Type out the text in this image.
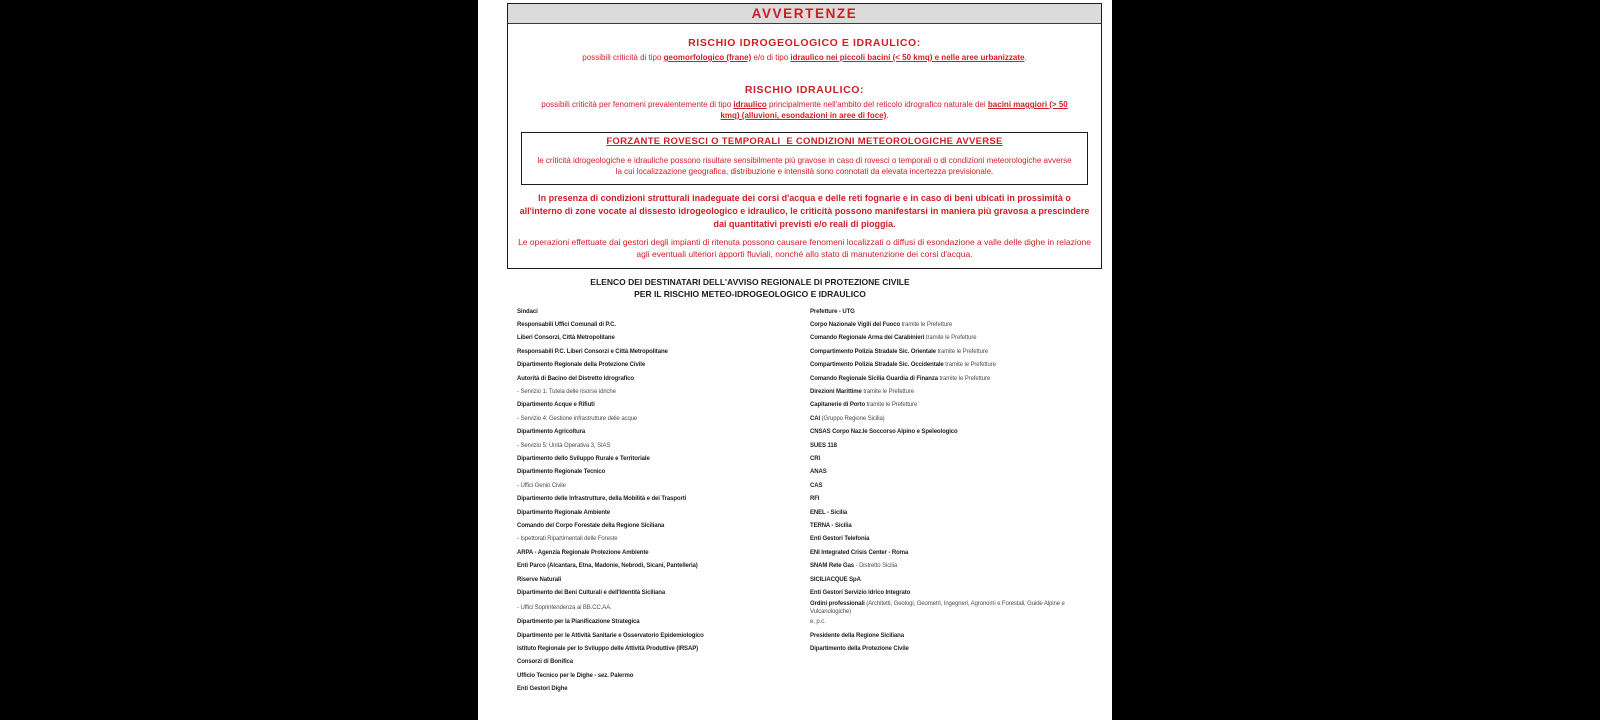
AVVERTENZE
RISCHIO IDROGEOLOGICO E IDRAULICO:

possibili criticità di tipo geomorfologico (frane) e/o di tipo idraulico nei piccoli bacini (< 50 kmq) e nelle aree urbanizzate.

RISCHIO IDRAULICO:

possibili criticità per fenomeni prevalentemente di tipo idraulico principalmente nell'ambito del reticolo idrografico naturale dei bacini maggiori (> 50 kmq) (alluvioni, esondazioni in aree di foce).

FORZANTE ROVESCI O TEMPORALI  E CONDIZIONI METEOROLOGICHE AVVERSE
le criticità idrogeologiche e idrauliche possono risultare sensibilmente più gravose in caso di rovesci o temporali o di condizioni meteorologiche avverse la cui localizzazione geografica, distribuzione e intensità sono connotati da elevata incertezza previsionale.
In presenza di condizioni strutturali inadeguate dei corsi d'acqua e delle reti fognarie e in caso di beni ubicati in prossimità o all'interno di zone vocate al dissesto idrogeologico e idraulico, le criticità possono manifestarsi in maniera più gravosa a prescindere dai quantitativi previsti e/o reali di pioggia.
Le operazioni effettuate dai gestori degli impianti di ritenuta possono causare fenomeni localizzati o diffusi di esondazione a valle delle dighe in relazione agli eventuali ulteriori apporti fluviali, nonché allo stato di manutenzione dei corsi d'acqua.
ELENCO DEI DESTINATARI DELL'AVVISO REGIONALE DI PROTEZIONE CIVILE
PER IL RISCHIO METEO-IDROGEOLOGICO E IDRAULICO
Sindaci	Prefetture - UTG
Responsabili Uffici Comunali di P.C.	Corpo Nazionale Vigili del Fuoco tramite le Prefetture
Liberi Consorzi, Città Metropolitane	Comando Regionale Arma dei Carabinieri tramite le Prefetture
Responsabili P.C. Liberi Consorzi e Città Metropolitane	Compartimento Polizia Stradale Sic. Orientale tramite le Prefetture
Dipartimento Regionale della Protezione Civile	Compartimento Polizia Stradale Sic. Occidentale tramite le Prefetture
Autorità di Bacino del Distretto Idrografico	Comando Regionale Sicilia Guardia di Finanza tramite le Prefetture
- Servizio 1: Tutela delle risorse idriche	Direzioni Marittime tramite le Prefetture
Dipartimento Acque e Rifiuti	Capitanerie di Porto tramite le Prefetture
- Servizio 4: Gestione infrastrutture delle acque	CAI (Gruppo Regione Sicilia)
Dipartimento Agricoltura	CNSAS Corpo Naz.le Soccorso Alpino e Speleologico
- Servizio 5: Unità Operativa 3, SIAS	SUES 118
Dipartimento dello Sviluppo Rurale e Territoriale	CRI
Dipartimento Regionale Tecnico	ANAS
- Uffici Genio Civile	CAS
Dipartimento delle Infrastrutture, della Mobilità e dei Trasporti	RFI
Dipartimento Regionale Ambiente	ENEL - Sicilia
Comando del Corpo Forestale della Regione Siciliana	TERNA - Sicilia
- Ispettorati Ripartimentali delle Foreste	Enti Gestori Telefonia
ARPA - Agenzia Regionale Protezione Ambiente	ENI Integrated Crisis Center - Roma
Enti Parco (Alcantara, Etna, Madonie, Nebrodi, Sicani, Pantelleria)	SNAM Rete Gas - Distretto Sicilia
Riserve Naturali	SICILIACQUE SpA
Dipartimento dei Beni Culturali e dell'Identità Siciliana	Enti Gestori Servizio Idrico Integrato
- Uffici Soprintendenza ai BB.CC.AA.	Ordini professionali (Architetti, Geologi, Geometri, Ingegneri, Agronomi e Forestali, Guide Alpine e Vulcanologiche)
Dipartimento per la Pianificazione Strategica	e, p.c.
Dipartimento per le Attività Sanitarie e Osservatorio Epidemiologico	Presidente della Regione Siciliana
Istituto Regionale per lo Sviluppo delle Attività Produttive (IRSAP)	Dipartimento della Protezione Civile
Consorzi di Bonifica	
Ufficio Tecnico per le Dighe - sez. Palermo	
Enti Gestori Dighe	
